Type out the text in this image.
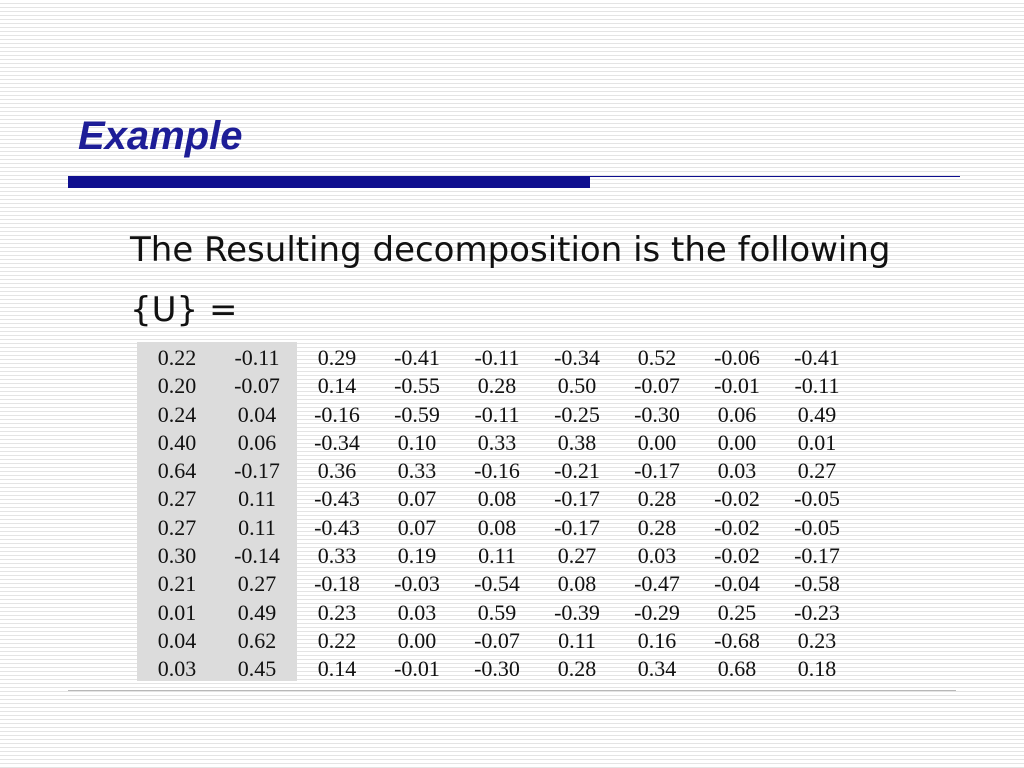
Example

The Resulting decomposition is the following

{U} =

0.22	-0.11	0.29	-0.41	-0.11	-0.34	0.52	-0.06	-0.41
0.20	-0.07	0.14	-0.55	0.28	0.50	-0.07	-0.01	-0.11
0.24	0.04	-0.16	-0.59	-0.11	-0.25	-0.30	0.06	0.49
0.40	0.06	-0.34	0.10	0.33	0.38	0.00	0.00	0.01
0.64	-0.17	0.36	0.33	-0.16	-0.21	-0.17	0.03	0.27
0.27	0.11	-0.43	0.07	0.08	-0.17	0.28	-0.02	-0.05
0.27	0.11	-0.43	0.07	0.08	-0.17	0.28	-0.02	-0.05
0.30	-0.14	0.33	0.19	0.11	0.27	0.03	-0.02	-0.17
0.21	0.27	-0.18	-0.03	-0.54	0.08	-0.47	-0.04	-0.58
0.01	0.49	0.23	0.03	0.59	-0.39	-0.29	0.25	-0.23
0.04	0.62	0.22	0.00	-0.07	0.11	0.16	-0.68	0.23
0.03	0.45	0.14	-0.01	-0.30	0.28	0.34	0.68	0.18
